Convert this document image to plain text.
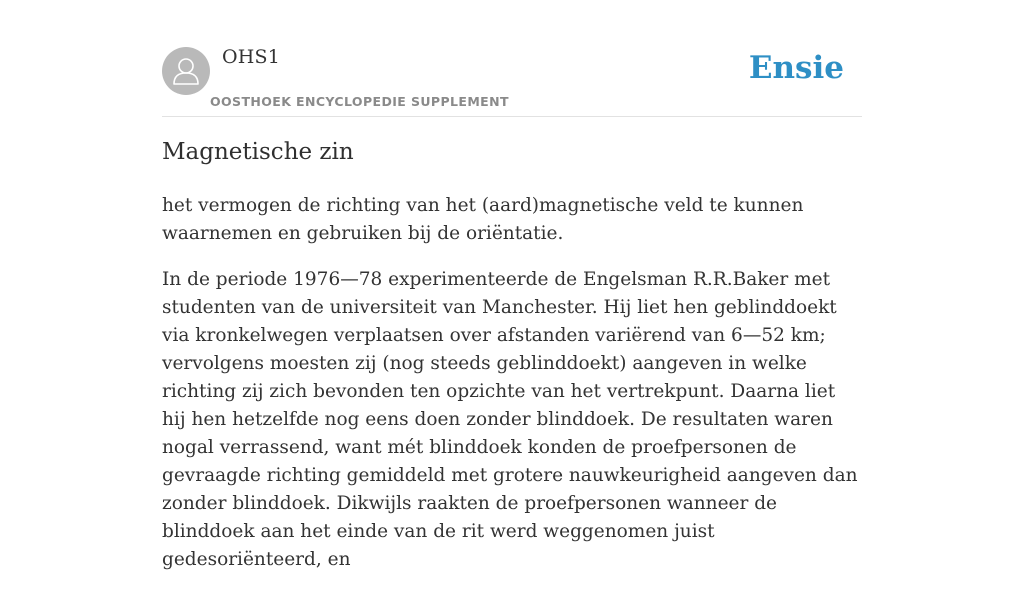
OHS1
OOSTHOEK ENCYCLOPEDIE SUPPLEMENT
Ensie
Magnetische zin

het vermogen de richting van het (aard)magnetische veld te kunnen waarnemen en gebruiken bij de oriëntatie.

In de periode 1976—78 experimenteerde de Engelsman R.R.Baker met studenten van de universiteit van Manchester. Hij liet hen geblinddoekt via kronkelwegen verplaatsen over afstanden variërend van 6—52 km; vervolgens moesten zij (nog steeds geblinddoekt) aangeven in welke richting zij zich bevonden ten opzichte van het vertrekpunt. Daarna liet hij hen hetzelfde nog eens doen zonder blinddoek. De resultaten waren nogal verrassend, want mét blinddoek konden de proefpersonen de gevraagde richting gemiddeld met grotere nauwkeurigheid aangeven dan zonder blinddoek. Dikwijls raakten de proefpersonen wanneer de blinddoek aan het einde van de rit werd weggenomen juist gedesoriënteerd, en
